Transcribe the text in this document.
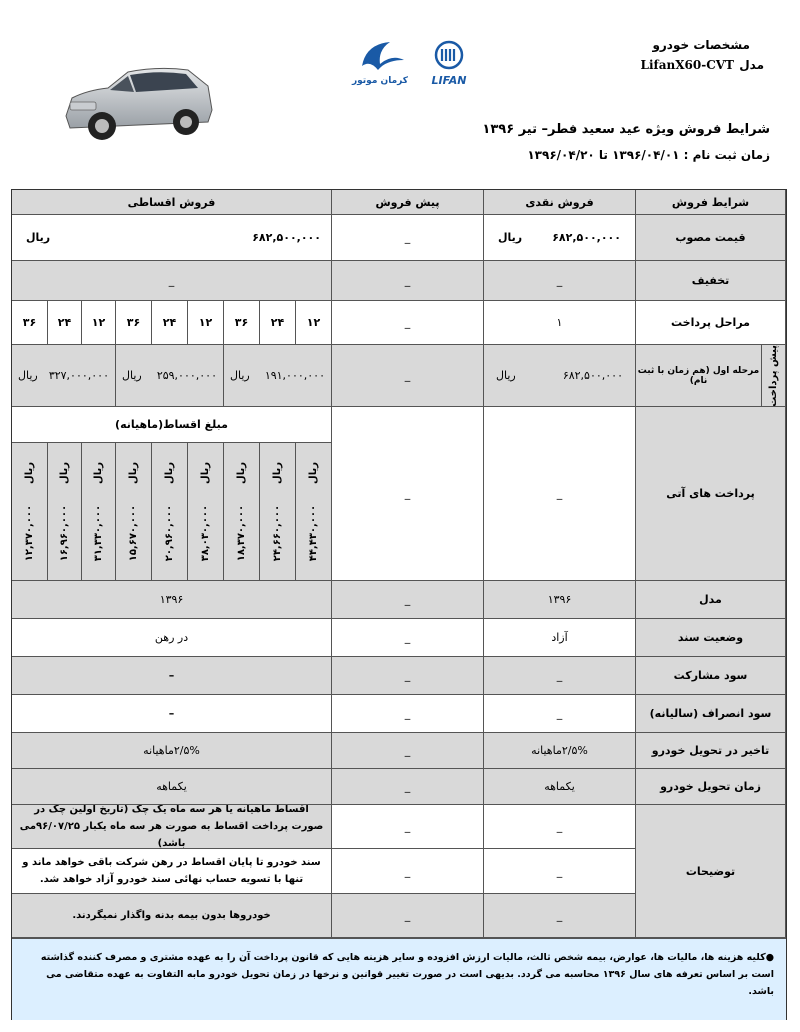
کرمان موتور	LIFAN
مشخصات خودرو
مدل
LifanX60-CVT
شرایط فروش ویژه عید سعید فطر– تیر ۱۳۹۶
زمان ثبت نام : ۱۳۹۶/۰۴/۰۱ تا ۱۳۹۶/۰۴/۲۰
شرایط فروش
فروش نقدی
پیش فروش
فروش اقساطی
قیمت مصوب
۶۸۲,۵۰۰,۰۰۰
ریال
_
۶۸۲,۵۰۰,۰۰۰
ریال
تخفیف
_
_
_
مراحل پرداخت
۱
_
۱۲
۲۴
۳۶
۱۲
۲۴
۳۶
۱۲
۲۴
۳۶
پیش پرداخت
مرحله اول (هم زمان با ثبت نام)
۶۸۲,۵۰۰,۰۰۰
ریال
_
۱۹۱,۰۰۰,۰۰۰
ریال
۲۵۹,۰۰۰,۰۰۰
ریال
۳۲۷,۰۰۰,۰۰۰
ریال
پرداخت های آتی
_
_
مبلغ اقساط(ماهیانه)
ریال      ۴۴,۴۳۰,۰۰۰
ریال      ۲۴,۶۶۰,۰۰۰
ریال      ۱۸,۳۷۰,۰۰۰
ریال      ۳۸,۰۳۰,۰۰۰
ریال      ۲۰,۹۶۰,۰۰۰
ریال      ۱۵,۶۷۰,۰۰۰
ریال      ۳۱,۳۳۰,۰۰۰
ریال      ۱۶,۹۶۰,۰۰۰
ریال      ۱۲,۳۷۰,۰۰۰
مدل
۱۳۹۶
_
۱۳۹۶
وضعیت سند
آزاد
_
در رهن
سود مشارکت
_
_
–
سود انصراف (سالیانه)
_
_
–
تاخیر در تحویل خودرو
۲/۵%ماهیانه
_
۲/۵%ماهیانه
زمان تحویل خودرو
یکماهه
_
یکماهه
توضیحات
_
_
اقساط ماهیانه یا هر سه ماه یک چک (تاریخ اولین چک در صورت پرداخت اقساط به صورت هر سه ماه یکبار ۹۶/۰۷/۲۵می باشد)
_
_
سند خودرو تا پایان اقساط در رهن شرکت باقی خواهد ماند و تنها با تسویه حساب نهائی سند خودرو آزاد خواهد شد.
_
_
خودروها بدون بیمه بدنه واگذار نمیگردند.
●کلیه هزینه ها، مالیات ها، عوارض، بیمه شخص ثالث، مالیات ارزش افزوده و سایر هزینه هایی که قانون پرداخت آن را به عهده مشتری و مصرف کننده گذاشته است بر اساس تعرفه های سال ۱۳۹۶ محاسبه می گردد. بدیهی است در صورت تغییر قوانین و نرخها در زمان تحویل خودرو مابه التفاوت به عهده متقاضی می باشد.
